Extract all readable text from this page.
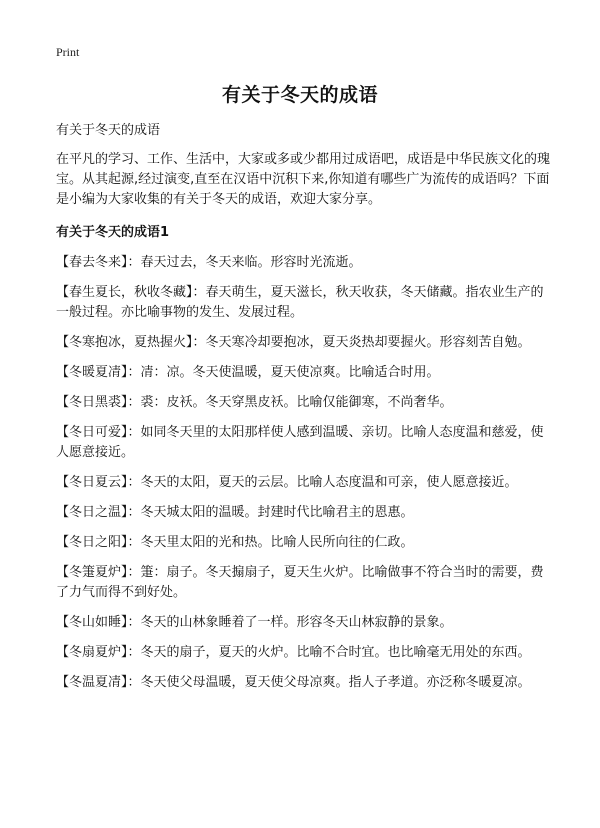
Print
有关于冬天的成语

有关于冬天的成语

在平凡的学习、工作、生活中，大家或多或少都用过成语吧，成语是中华民族文化的瑰宝。从其起源,经过演变,直至在汉语中沉积下来,你知道有哪些广为流传的成语吗？下面是小编为大家收集的有关于冬天的成语，欢迎大家分享。

有关于冬天的成语1

【春去冬来】：春天过去，冬天来临。形容时光流逝。

【春生夏长，秋收冬藏】：春天萌生，夏天滋长，秋天收获，冬天储藏。指农业生产的一般过程。亦比喻事物的发生、发展过程。

【冬寒抱冰，夏热握火】：冬天寒冷却要抱冰，夏天炎热却要握火。形容刻苦自勉。

【冬暖夏凊】：凊：凉。冬天使温暖，夏天使凉爽。比喻适合时用。

【冬日黑裘】：裘：皮袄。冬天穿黑皮袄。比喻仅能御寒，不尚奢华。

【冬日可爱】：如同冬天里的太阳那样使人感到温暖、亲切。比喻人态度温和慈爱，使人愿意接近。

【冬日夏云】：冬天的太阳，夏天的云层。比喻人态度温和可亲，使人愿意接近。

【冬日之温】：冬天城太阳的温暖。封建时代比喻君主的恩惠。

【冬日之阳】：冬天里太阳的光和热。比喻人民所向往的仁政。

【冬箑夏炉】：箑：扇子。冬天搧扇子，夏天生火炉。比喻做事不符合当时的需要，费了力气而得不到好处。

【冬山如睡】：冬天的山林象睡着了一样。形容冬天山林寂静的景象。

【冬扇夏炉】：冬天的扇子，夏天的火炉。比喻不合时宜。也比喻毫无用处的东西。

【冬温夏凊】：冬天使父母温暖，夏天使父母凉爽。指人子孝道。亦泛称冬暖夏凉。
